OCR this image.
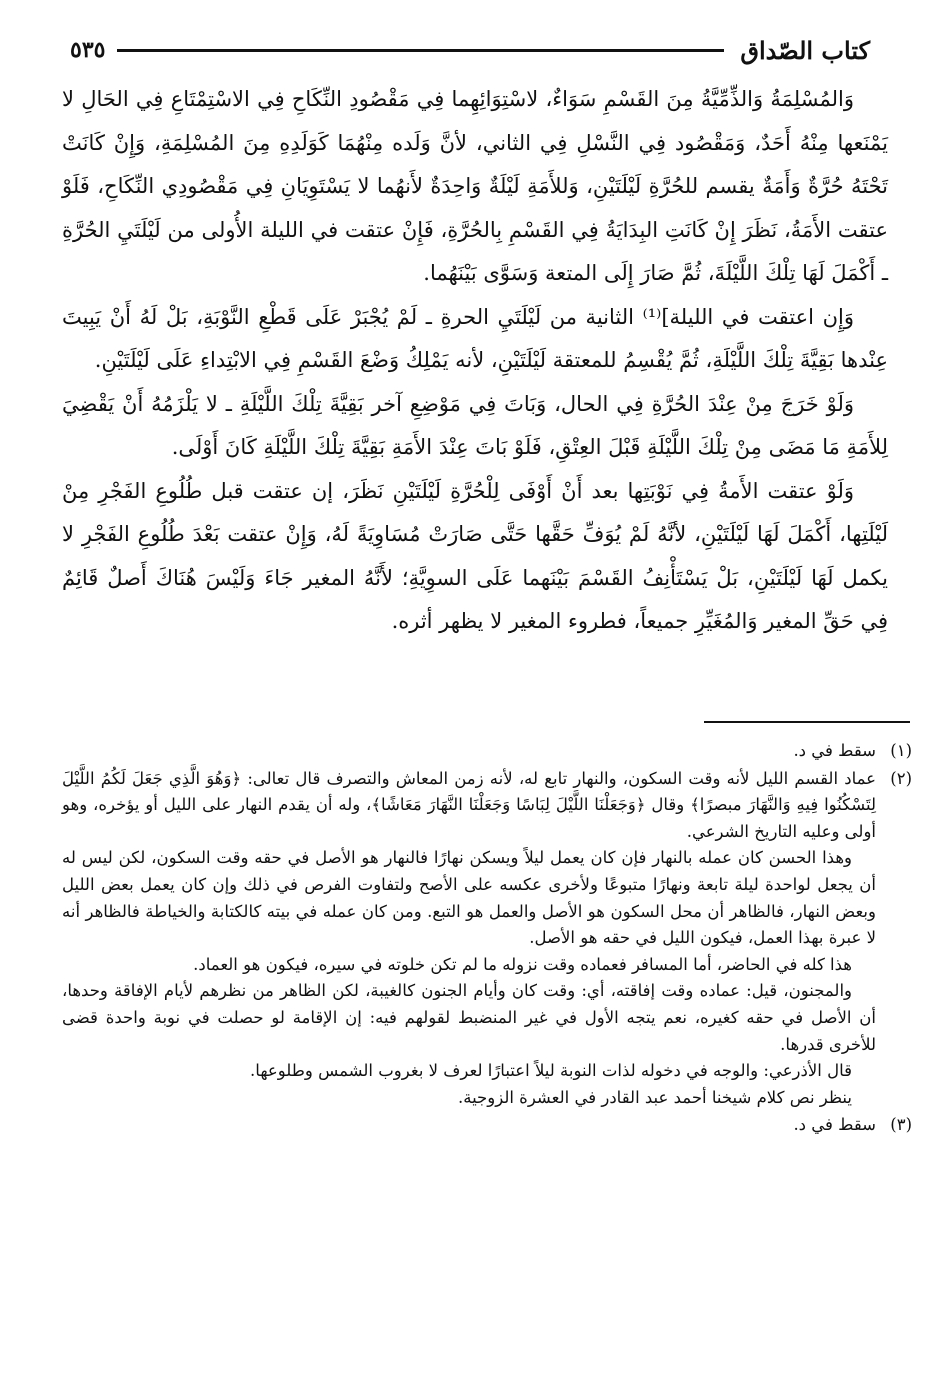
كتاب الصّداق
٥٣٥

وَالمُسْلِمَةُ وَالذِّمِّيَّةُ مِنَ القَسْمِ سَوَاءٌ، لاسْتِوَائِهِما فِي مَقْصُودِ النِّكَاحِ فِي الاسْتِمْتَاعِ فِي الحَالِ لا يَمْنَعها مِنْهُ أَحَدٌ، وَمَقْصُود فِي النَّسْلِ فِي الثاني، لأنَّ وَلَده مِنْهُمَا كَوَلَدِهِ مِنَ المُسْلِمَةِ، وَإِنْ كَانَتْ تَحْتَهُ حُرَّةٌ وَأَمَةٌ يقسم للحُرَّةِ لَيْلَتَيْنِ، وَللأَمَةِ لَيْلَةٌ وَاحِدَةٌ لأَنهُما لا يَسْتَوِيَانِ فِي مَقْصُودِي النِّكَاحِ، فَلَوْ عتقت الأَمَةُ، نَظَرَ إِنْ كَانَتِ البِدَايَةُ فِي القَسْمِ بِالحُرَّةِ، فَإِنْ عتقت في الليلة الأُولى من لَيْلَتَيِ الحُرَّةِ ـ أَكْمَلَ لَهَا تِلْكَ اللَّيْلَةَ، ثُمَّ صَارَ إِلَى المتعة وَسَوَّى بَيْنَهُما.

وَإِن اعتقت في الليلة]⁽¹⁾ الثانية من لَيْلَتَيِ الحرةِ ـ لَمْ يُجْبَرْ عَلَى قَطْعِ النَّوْبَةِ، بَلْ لَهُ أَنْ يَبِيتَ عِنْدها بَقِيَّةَ تِلْكَ اللَّيْلَةِ، ثُمَّ يُقْسِمُ للمعتقة لَيْلَتَيْنِ، لأنه يَمْلِكُ وَضْعَ القَسْمِ فِي الابْتِداءِ عَلَى لَيْلَتَيْنِ.

وَلَوْ خَرَجَ مِنْ عِنْدَ الحُرَّةِ فِي الحال، وَبَاتَ فِي مَوْضِعِ آخر بَقِيَّةَ تِلْكَ اللَّيْلَةِ ـ لا يَلْزَمُهُ أَنْ يَقْضِيَ لِلأَمَةِ مَا مَضَى مِنْ تِلْكَ اللَّيْلَةِ قَبْلَ العِتْقِ، فَلَوْ بَاتَ عِنْدَ الأَمَةِ بَقِيَّةَ تِلْكَ اللَّيْلَةِ كَانَ أَوْلَى.

وَلَوْ عتقت الأَمةُ فِي نَوْبَتِها بعد أَنْ أَوْفَى لِلْحُرَّةِ لَيْلَتَيْنِ نَظَرَ، إن عتقت قبل طُلُوعِ الفَجْرِ مِنْ لَيْلَتِها، أَكْمَلَ لَهَا لَيْلَتَيْنِ، لأنَّهُ لَمْ يُوَفِّ حَقَّها حَتَّى صَارَتْ مُسَاوِيَةً لَهُ، وَإِنْ عتقت بَعْدَ طُلُوعِ الفَجْرِ لا يكمل لَهَا لَيْلَتَيْنِ، بَلْ يَسْتَأْنِفُ القَسْمَ بَيْنَهما عَلَى السوِيَّةِ؛ لأَنَّهُ المغير جَاءَ وَلَيْسَ هُنَاكَ أَصلٌ قَائِمٌ فِي حَقِّ المغير وَالمُغَيِّرِ جميعاً، فطروء المغير لا يظهر أثره.

(١)

سقط في د.

(٢)

عماد القسم الليل لأنه وقت السكون، والنهار تابع له، لأنه زمن المعاش والتصرف قال تعالى: ﴿وَهُوَ الَّذِي جَعَلَ لَكُمُ اللَّيْلَ لِتَسْكُنُوا فِيهِ وَالنَّهَارَ مبصرًا﴾ وقال ﴿وَجَعَلْنَا اللَّيْلَ لِبَاسًا وَجَعَلْنَا النَّهَارَ مَعَاشًا﴾، وله أن يقدم النهار على الليل أو يؤخره، وهو أولى وعليه التاريخ الشرعي.

وهذا الحسن كان عمله بالنهار فإن كان يعمل ليلاً ويسكن نهارًا فالنهار هو الأصل في حقه وقت السكون، لكن ليس له أن يجعل لواحدة ليلة تابعة ونهارًا متبوعًا ولأخرى عكسه على الأصح ولتفاوت الفرص في ذلك وإن كان يعمل بعض الليل وبعض النهار، فالظاهر أن محل السكون هو الأصل والعمل هو التبع. ومن كان عمله في بيته كالكتابة والخياطة فالظاهر أنه لا عبرة بهذا العمل، فيكون الليل في حقه هو الأصل.

هذا كله في الحاضر، أما المسافر فعماده وقت نزوله ما لم تكن خلوته في سيره، فيكون هو العماد.

والمجنون، قيل: عماده وقت إفاقته، أي: وقت كان وأيام الجنون كالغيبة، لكن الظاهر من نظرهم لأيام الإفاقة وحدها، أن الأصل في حقه كغيره، نعم يتجه الأول في غير المنضبط لقولهم فيه: إن الإقامة لو حصلت في نوبة واحدة قضى للأخرى قدرها.

قال الأذرعي: والوجه في دخوله لذات النوبة ليلاً اعتبارًا لعرف لا بغروب الشمس وطلوعها.

ينظر نص كلام شيخنا أحمد عبد القادر في العشرة الزوجية.

(٣)

سقط في د.
